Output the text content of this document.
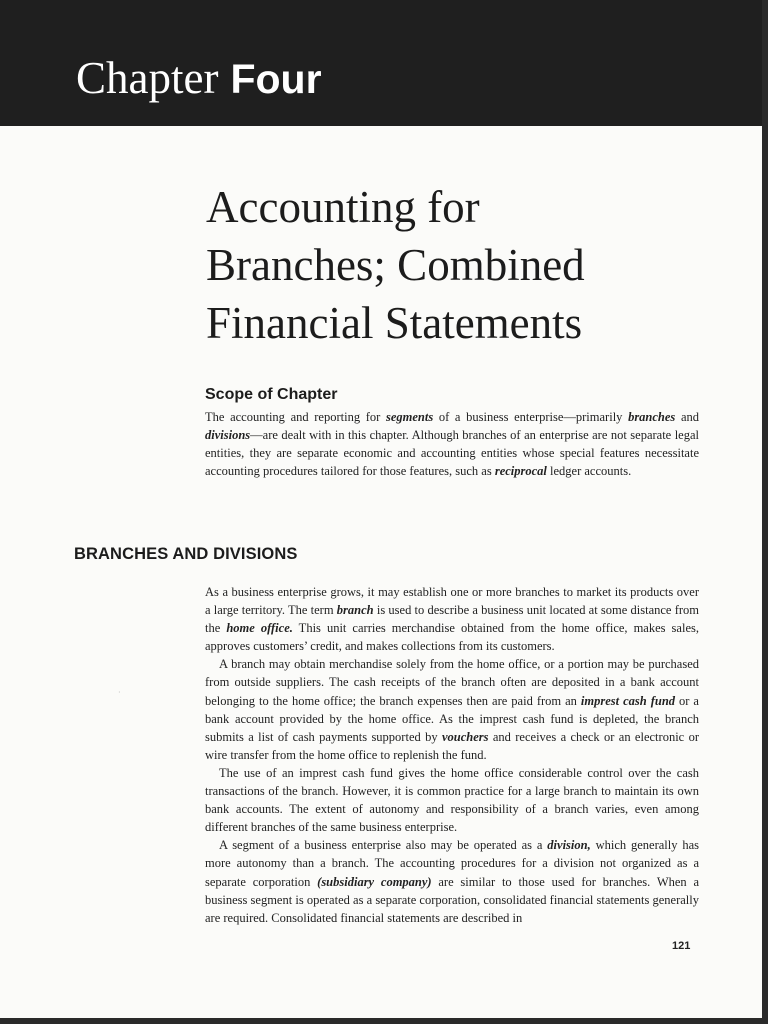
Chapter Four
Accounting for
Branches; Combined
Financial Statements
Scope of Chapter

The accounting and reporting for segments of a business enterprise—primarily branches and divisions—are dealt with in this chapter. Although branches of an enterprise are not separate legal entities, they are separate economic and accounting entities whose special features necessitate accounting procedures tailored for those features, such as reciprocal ledger accounts.

BRANCHES AND DIVISIONS

As a business enterprise grows, it may establish one or more branches to market its products over a large territory. The term branch is used to describe a business unit located at some distance from the home office. This unit carries merchandise obtained from the home office, makes sales, approves customers’ credit, and makes collections from its customers.

A branch may obtain merchandise solely from the home office, or a portion may be purchased from outside suppliers. The cash receipts of the branch often are deposited in a bank account belonging to the home office; the branch expenses then are paid from an imprest cash fund or a bank account provided by the home office. As the imprest cash fund is depleted, the branch submits a list of cash payments supported by vouchers and receives a check or an electronic or wire transfer from the home office to replenish the fund.

The use of an imprest cash fund gives the home office considerable control over the cash transactions of the branch. However, it is common practice for a large branch to maintain its own bank accounts. The extent of autonomy and responsibility of a branch varies, even among different branches of the same business enterprise.

A segment of a business enterprise also may be operated as a division, which generally has more autonomy than a branch. The accounting procedures for a division not organized as a separate corporation (subsidiary company) are similar to those used for branches. When a business segment is operated as a separate corporation, consolidated financial statements generally are required. Consolidated financial statements are described in

·

121
